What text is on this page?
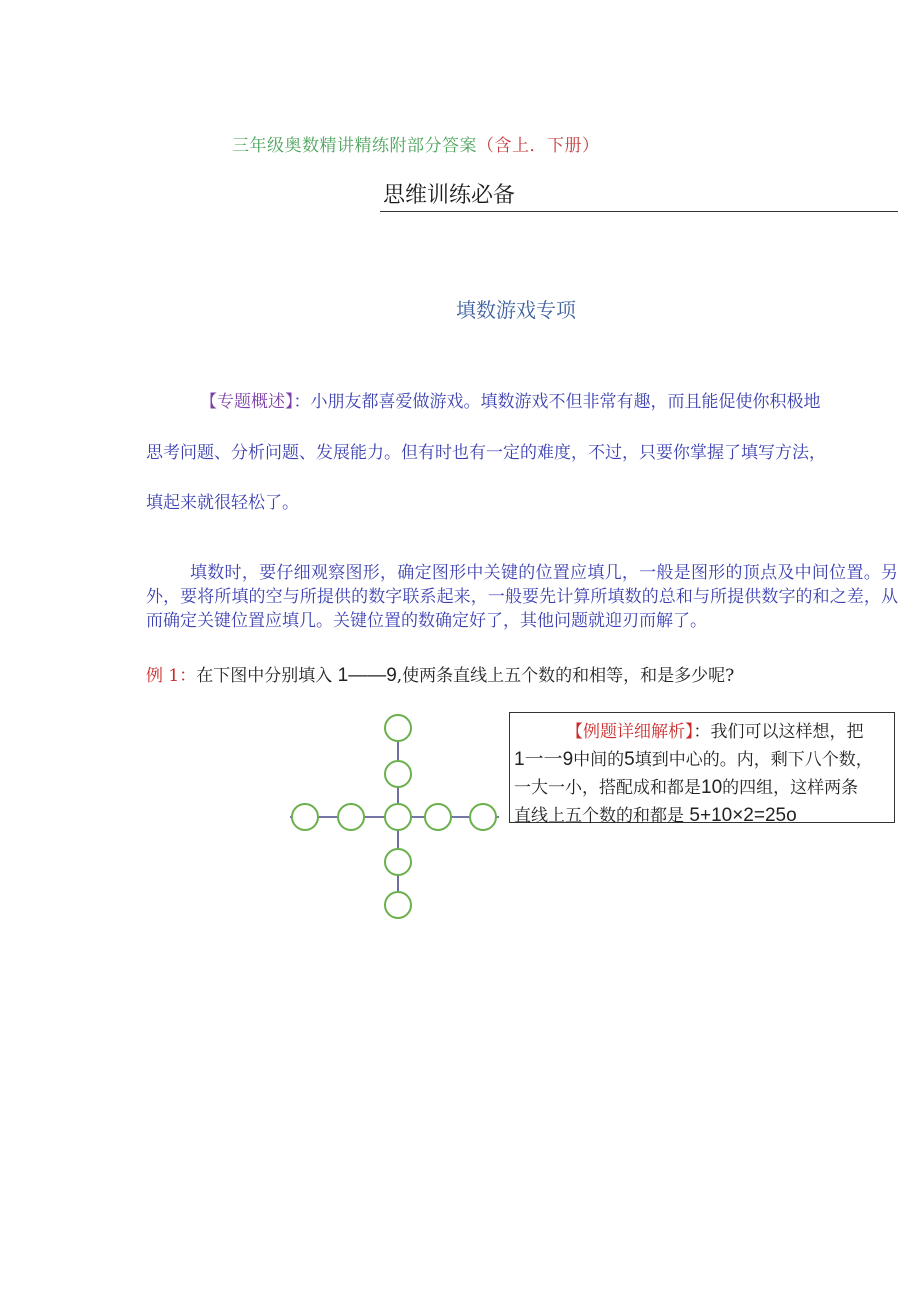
三年级奥数精讲精练附部分答案（含上．下册）
思维训练必备
填数游戏专项
【专题概述】：小朋友都喜爱做游戏。填数游戏不但非常有趣，而且能促使你积极地
思考问题、分析问题、发展能力。但有时也有一定的难度，不过，只要你掌握了填写方法，
填起来就很轻松了。
填数时，要仔细观察图形，确定图形中关键的位置应填几，一般是图形的顶点及中间位置。另外，要将所填的空与所提供的数字联系起来，一般要先计算所填数的总和与所提供数字的和之差，从而确定关键位置应填几。关键位置的数确定好了，其他问题就迎刃而解了。
例 1：在下图中分别填入 1——9,使两条直线上五个数的和相等，和是多少呢?
【例题详细解析】：我们可以这样想，把
1一一9中间的5填到中心的。内，剩下八个数，
一大一小，搭配成和都是10的四组，这样两条
直线上五个数的和都是 5+10×2=25o
